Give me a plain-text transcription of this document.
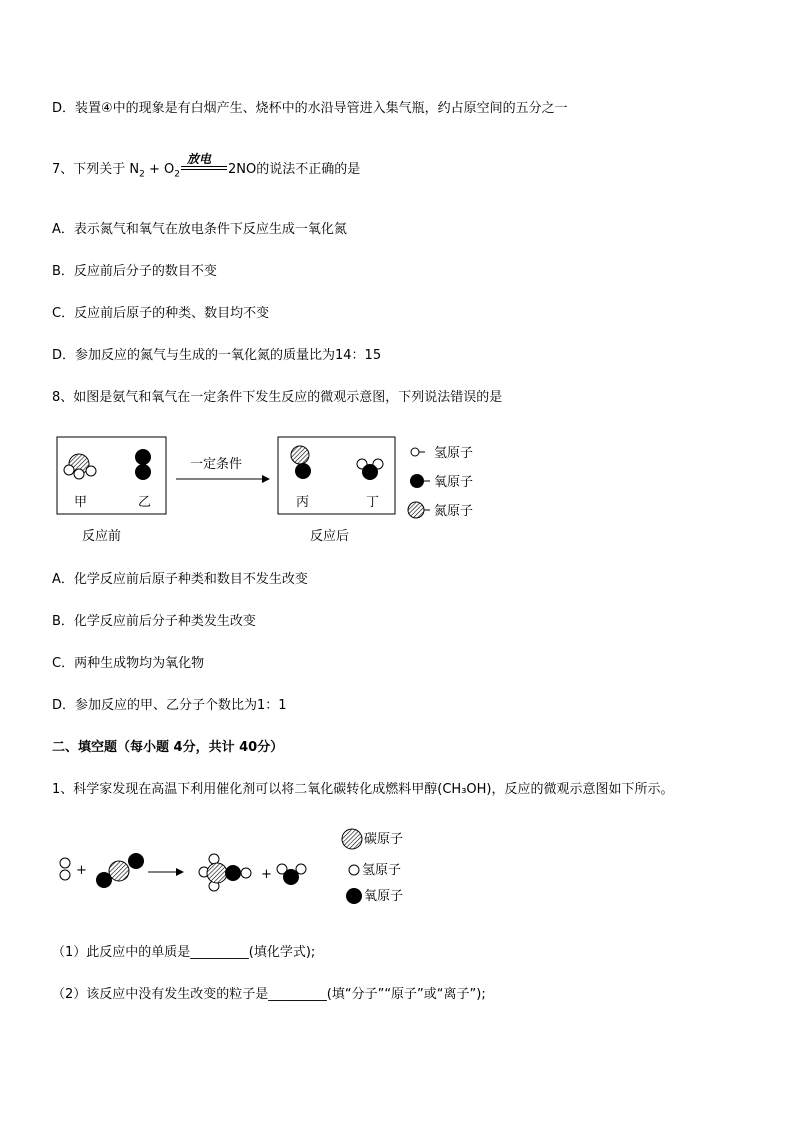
D．装置④中的现象是有白烟产生、烧杯中的水沿导管进入集气瓶，约占原空间的五分之一
7、下列关于 $N_2 + O_2$
放电
2NO的说法不正确的是
A．表示氮气和氧气在放电条件下反应生成一氧化氮
B．反应前后分子的数目不变
C．反应前后原子的种类、数目均不变
D．参加反应的氮气与生成的一氧化氮的质量比为14：15
8、如图是氨气和氧气在一定条件下发生反应的微观示意图，下列说法错误的是
甲	乙
一定条件
丙	丁
氢原子
氧原子
氮原子
反应前	反应后
A．化学反应前后原子种类和数目不发生改变
B．化学反应前后分子种类发生改变
C．两种生成物均为氧化物
D．参加反应的甲、乙分子个数比为1：1
二、填空题（每小题 4分，共计 40分）
1、科学家发现在高温下利用催化剂可以将二氧化碳转化成燃料甲醇(CH₃OH)，反应的微观示意图如下所示。
+	+
碳原子
氢原子
氧原子
（1）此反应中的单质是_________(填化学式);
（2）该反应中没有发生改变的粒子是_________(填“分子”“原子”或“离子”);
